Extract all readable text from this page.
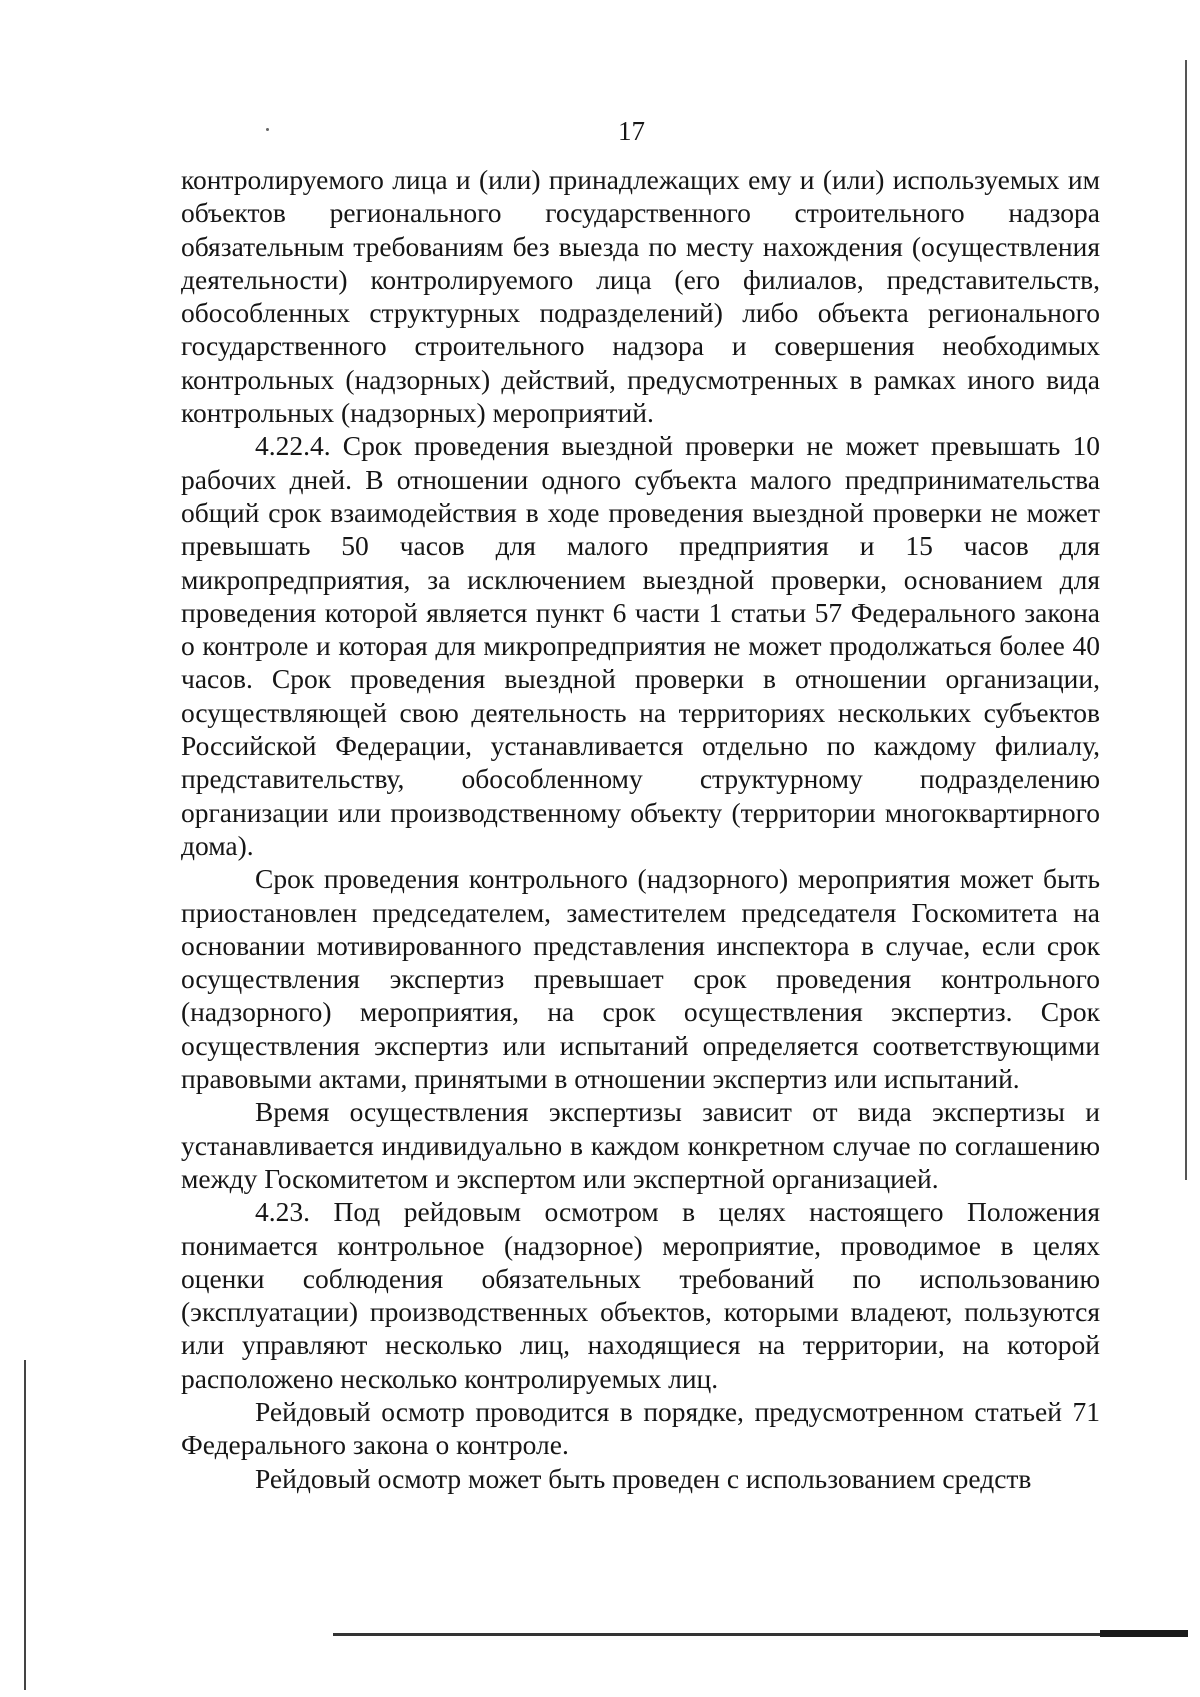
17

контролируемого лица и (или) принадлежащих ему и (или) используемых им объектов регионального государственного строительного надзора обязательным требованиям без выезда по месту нахождения (осуществления деятельности) контролируемого лица (его филиалов, представительств, обособленных структурных подразделений) либо объекта регионального государственного строительного надзора и совершения необходимых контрольных (надзорных) действий, предусмотренных в рамках иного вида контрольных (надзорных) мероприятий.

4.22.4. Срок проведения выездной проверки не может превышать 10 рабочих дней. В отношении одного субъекта малого предпринимательства общий срок взаимодействия в ходе проведения выездной проверки не может превышать 50 часов для малого предприятия и 15 часов для микропредприятия, за исключением выездной проверки, основанием для проведения которой является пункт 6 части 1 статьи 57 Федерального закона о контроле и которая для микропредприятия не может продолжаться более 40 часов. Срок проведения выездной проверки в отношении организации, осуществляющей свою деятельность на территориях нескольких субъектов Российской Федерации, устанавливается отдельно по каждому филиалу, представительству, обособленному структурному подразделению организации или производственному объекту (территории многоквартирного дома).

Срок проведения контрольного (надзорного) мероприятия может быть приостановлен председателем, заместителем председателя Госкомитета на основании мотивированного представления инспектора в случае, если срок осуществления экспертиз превышает срок проведения контрольного (надзорного) мероприятия, на срок осуществления экспертиз. Срок осуществления экспертиз или испытаний определяется соответствующими правовыми актами, принятыми в отношении экспертиз или испытаний.

Время осуществления экспертизы зависит от вида экспертизы и устанавливается индивидуально в каждом конкретном случае по соглашению между Госкомитетом и экспертом или экспертной организацией.

4.23. Под рейдовым осмотром в целях настоящего Положения понимается контрольное (надзорное) мероприятие, проводимое в целях оценки соблюдения обязательных требований по использованию (эксплуатации) производственных объектов, которыми владеют, пользуются или управляют несколько лиц, находящиеся на территории, на которой расположено несколько контролируемых лиц.

Рейдовый осмотр проводится в порядке, предусмотренном статьей 71 Федерального закона о контроле.

Рейдовый осмотр может быть проведен с использованием средств
